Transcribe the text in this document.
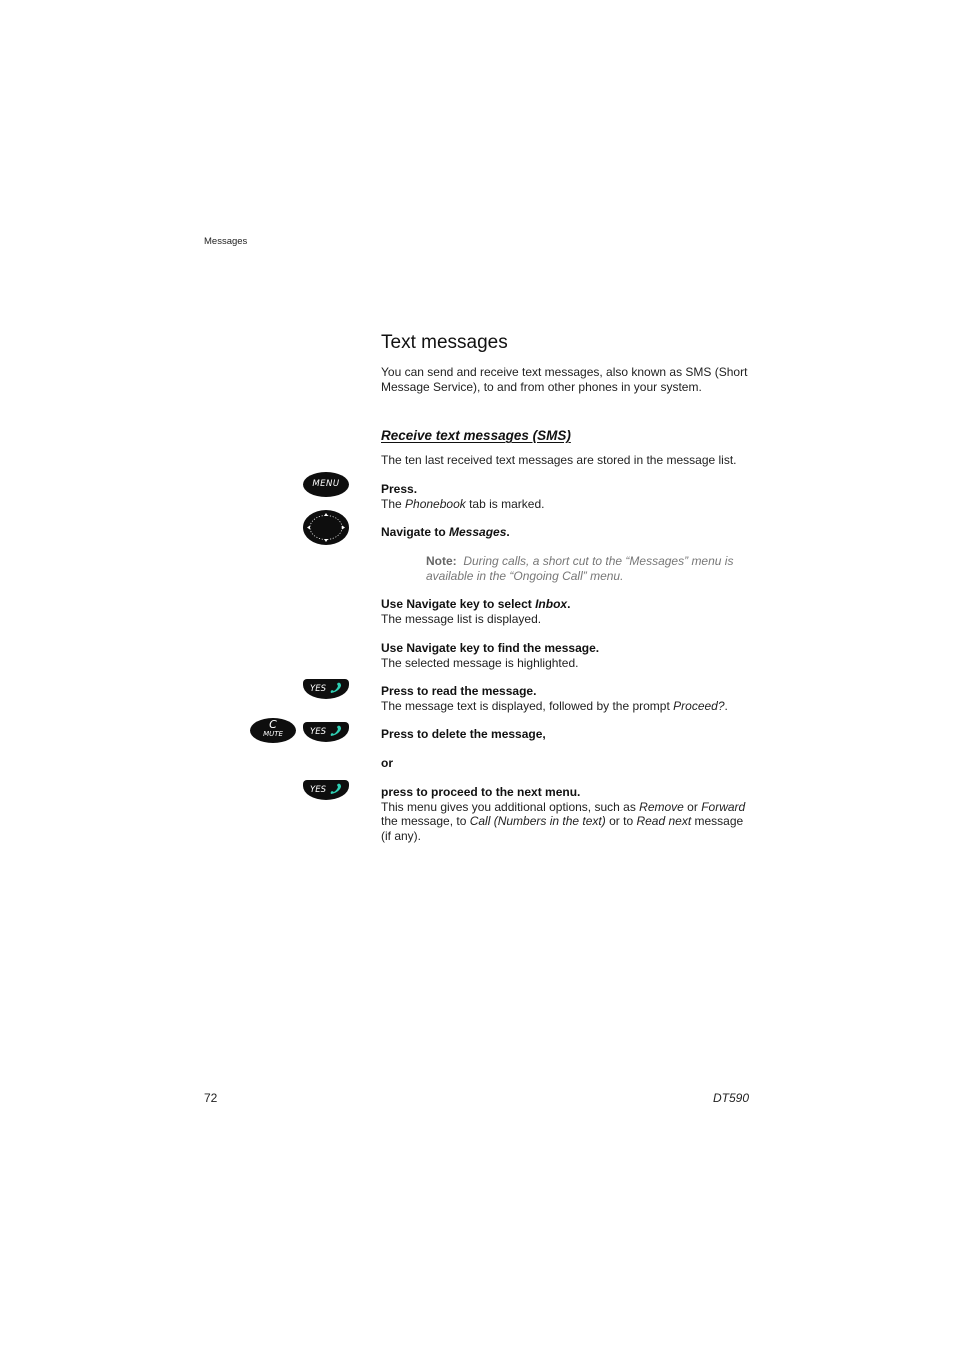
Messages
Text messages

You can send and receive text messages, also known as SMS (Short Message Service), to and from other phones in your system.

Receive text messages (SMS)

The ten last received text messages are stored in the message list.

MENU
YES
C
MUTE	YES
YES
Press.
The Phonebook tab is marked.
Navigate to Messages.
Note: During calls, a short cut to the “Messages” menu is available in the “Ongoing Call” menu.
Use Navigate key to select Inbox.
The message list is displayed.
Use Navigate key to find the message.
The selected message is highlighted.
Press to read the message.
The message text is displayed, followed by the prompt Proceed?.
Press to delete the message,
or
press to proceed to the next menu.
This menu gives you additional options, such as Remove or Forward the message, to Call (Numbers in the text) or to Read next message (if any).
72	DT590
